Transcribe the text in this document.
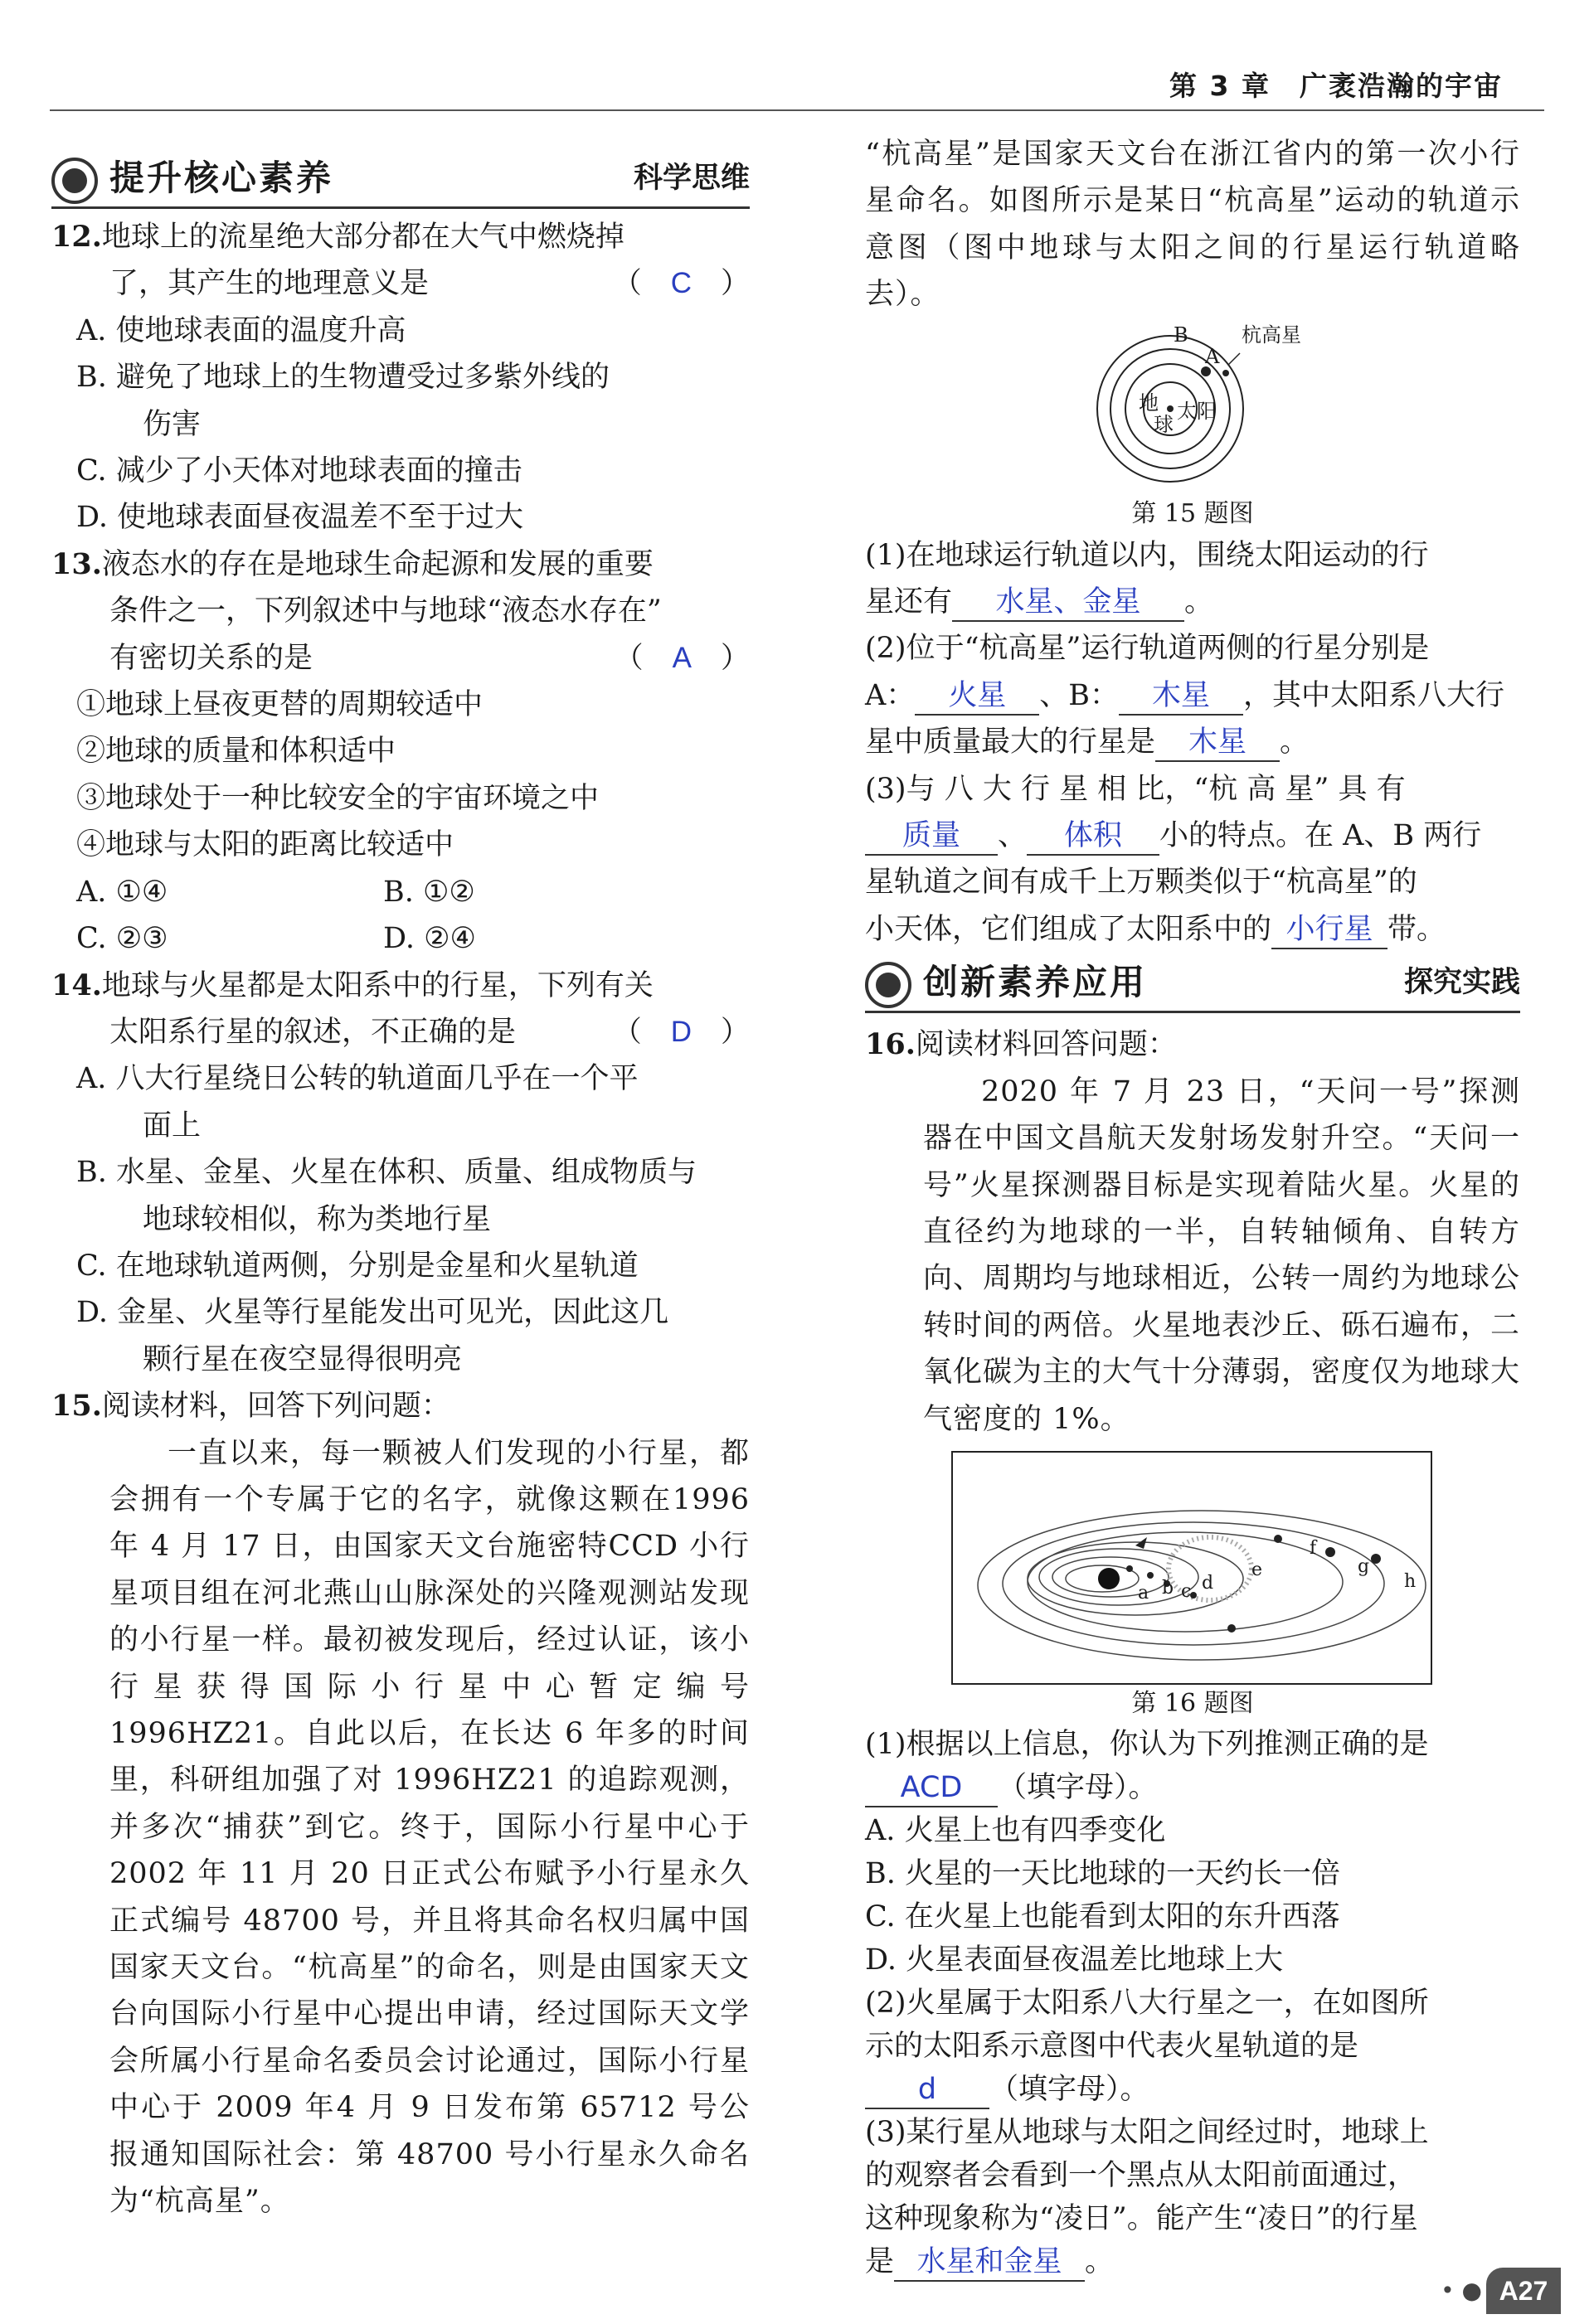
第 3 章　广袤浩瀚的宇宙
提升核心素养	科学思维

12.地球上的流星绝大部分都在大气中燃烧掉

了，其产生的地理意义是	（　C　）

A. 使地球表面的温度升高

B. 避免了地球上的生物遭受过多紫外线的

伤害

C. 减少了小天体对地球表面的撞击

D. 使地球表面昼夜温差不至于过大

13.液态水的存在是地球生命起源和发展的重要

条件之一，下列叙述中与地球“液态水存在”

有密切关系的是	（　A　）

①地球上昼夜更替的周期较适中

②地球的质量和体积适中

③地球处于一种比较安全的宇宙环境之中

④地球与太阳的距离比较适中

A. ①④	B. ①②

C. ②③	D. ②④

14.地球与火星都是太阳系中的行星，下列有关

太阳系行星的叙述，不正确的是	（　D　）

A. 八大行星绕日公转的轨道面几乎在一个平

面上

B. 水星、金星、火星在体积、质量、组成物质与

地球较相似，称为类地行星

C. 在地球轨道两侧，分别是金星和火星轨道

D. 金星、火星等行星能发出可见光，因此这几

颗行星在夜空显得很明亮

15.阅读材料，回答下列问题：

一直以来，每一颗被人们发现的小行星，都会拥有一个专属于它的名字，就像这颗在1996 年 4 月 17 日，由国家天文台施密特CCD 小行星项目组在河北燕山山脉深处的兴隆观测站发现的小行星一样。最初被发现后，经过认证，该小行星获得国际小行星中心暂定编号 1996HZ21。自此以后，在长达 6 年多的时间里，科研组加强了对 1996HZ21 的追踪观测，并多次“捕获”到它。终于，国际小行星中心于 2002 年 11 月 20 日正式公布赋予小行星永久正式编号 48700 号，并且将其命名权归属中国国家天文台。“杭高星”的命名，则是由国家天文台向国际小行星中心提出申请，经过国际天文学会所属小行星命名委员会讨论通过，国际小行星中心于 2009 年4 月 9 日发布第 65712 号公报通知国际社会：第 48700 号小行星永久命名为“杭高星”。

“杭高星”是国家天文台在浙江省内的第一次小行星命名。如图所示是某日“杭高星”运动的轨道示意图（图中地球与太阳之间的行星运行轨道略去）。

B
A
杭高星
地
球
太阳

第 15 题图

(1)在地球运行轨道以内，围绕太阳运动的行

星还有 水星、金星 。

(2)位于“杭高星”运行轨道两侧的行星分别是

A： 火星 、B： 木星 ，其中太阳系八大行

星中质量最大的行星是 木星 。

(3)与 八 大 行 星 相 比，“杭 高 星” 具 有

质量 、 体积 小的特点。在 A、B 两行

星轨道之间有成千上万颗类似于“杭高星”的

小天体，它们组成了太阳系中的 小行星 带。

创新素养应用	探究实践

16.阅读材料回答问题：

2020 年 7 月 23 日，“天问一号”探测器在中国文昌航天发射场发射升空。“天问一号”火星探测器目标是实现着陆火星。火星的直径约为地球的一半，自转轴倾角、自转方向、周期均与地球相近，公转一周约为地球公转时间的两倍。火星地表沙丘、砾石遍布，二氧化碳为主的大气十分薄弱，密度仅为地球大气密度的 1%。

a b c d
e
f
g
h

第 16 题图

(1)根据以上信息，你认为下列推测正确的是

ACD （填字母）。

A. 火星上也有四季变化

B. 火星的一天比地球的一天约长一倍

C. 在火星上也能看到太阳的东升西落

D. 火星表面昼夜温差比地球上大

(2)火星属于太阳系八大行星之一，在如图所

示的太阳系示意图中代表火星轨道的是

d （填字母）。

(3)某行星从地球与太阳之间经过时，地球上

的观察者会看到一个黑点从太阳前面通过，

这种现象称为“凌日”。能产生“凌日”的行星

是 水星和金星 。

• ● A27
